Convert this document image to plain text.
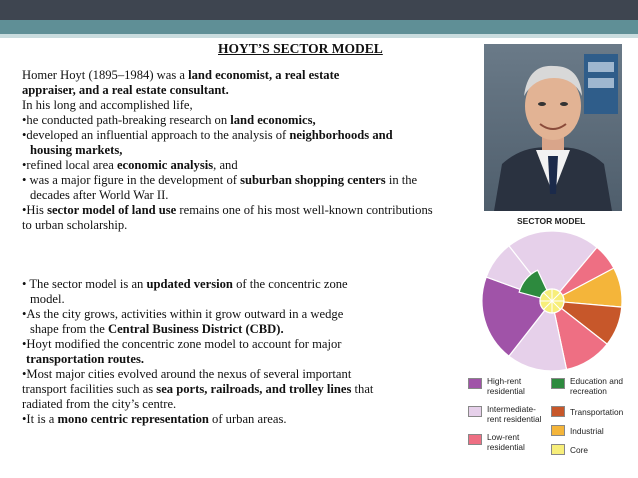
HOYT’S SECTOR MODEL
Homer Hoyt (1895–1984) was a land economist, a real estate
appraiser, and a real estate consultant.
In his long and accomplished life,
•he conducted path-breaking research on land economics,
•developed an influential approach to the analysis of neighborhoods and
housing markets,
•refined local area economic analysis, and
• was a major figure in the development of suburban shopping centers in the
decades after World War II.
•His sector model of land use remains one of his most well-known contributions
to urban scholarship.
• The sector model is an updated version of the concentric zone
model.
•As the city grows, activities within it grow outward in a wedge
shape from the Central Business District (CBD).
•Hoyt modified the concentric zone model to account for major
transportation routes.
•Most major cities evolved around the nexus of several important
transport facilities such as sea ports, railroads, and trolley lines that
radiated from the city’s centre.
•It is a mono centric representation of urban areas.
SECTOR MODEL
High-rent
residential
Intermediate-
rent residential
Low-rent
residential
Education and
recreation
Transportation
Industrial
Core
